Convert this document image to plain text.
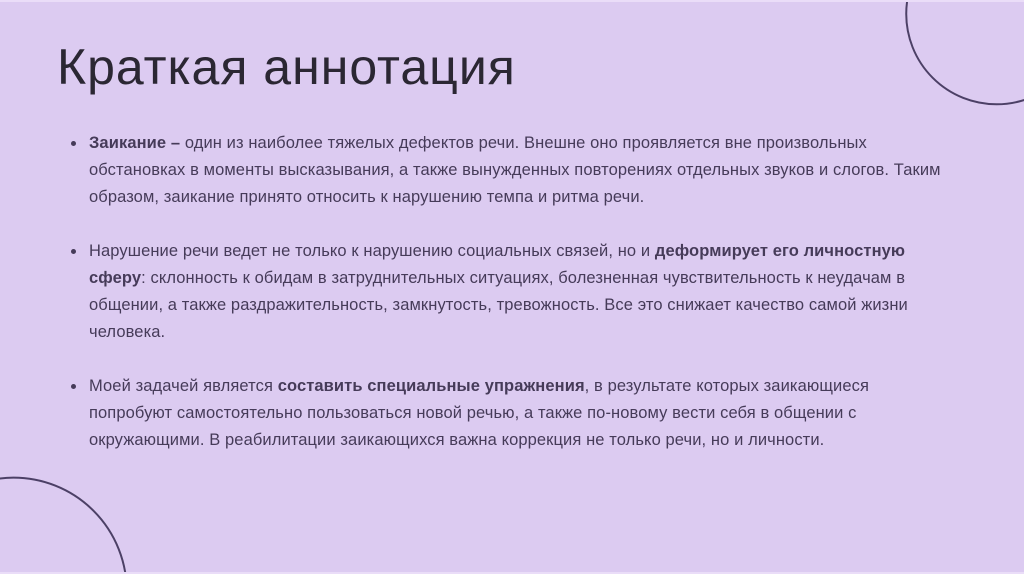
Краткая аннотация
Заикание – один из наиболее тяжелых дефектов речи. Внешне оно проявляется вне произвольных обстановках в моменты высказывания, а также вынужденных повторениях отдельных звуков и слогов. Таким образом, заикание принято относить к нарушению темпа и ритма речи.
Нарушение речи ведет не только к нарушению социальных связей, но и деформирует его личностную сферу: склонность к обидам в затруднительных ситуациях, болезненная чувствительность к неудачам в общении, а также раздражительность, замкнутость, тревожность. Все это снижает качество самой жизни человека.
Моей задачей является составить специальные упражнения, в результате которых заикающиеся попробуют самостоятельно пользоваться новой речью, а также по-новому вести себя в общении с окружающими. В реабилитации заикающихся важна коррекция не только речи, но и личности.
